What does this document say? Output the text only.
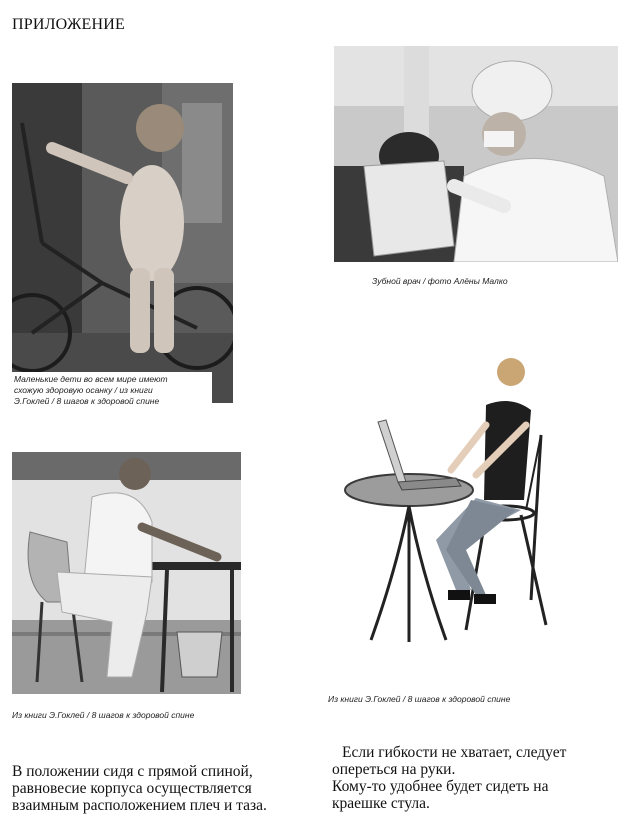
ПРИЛОЖЕНИЕ
Маленькие дети во всем мире имеют
схожую здоровую осанку / из книги
Э.Гоклей / 8 шагов к здоровой спине
Зубной врач / фото Алёны Малко
Из книги Э.Гоклей / 8 шагов к здоровой спине
Из книги Э.Гоклей / 8 шагов к здоровой спине

В положении сидя с прямой спиной,

равновесие корпуса осуществляется

взаимным расположением плеч и таза.

Если гибкости не хватает, следует

опереться на руки.

Кому-то удобнее будет сидеть на

краешке стула.
